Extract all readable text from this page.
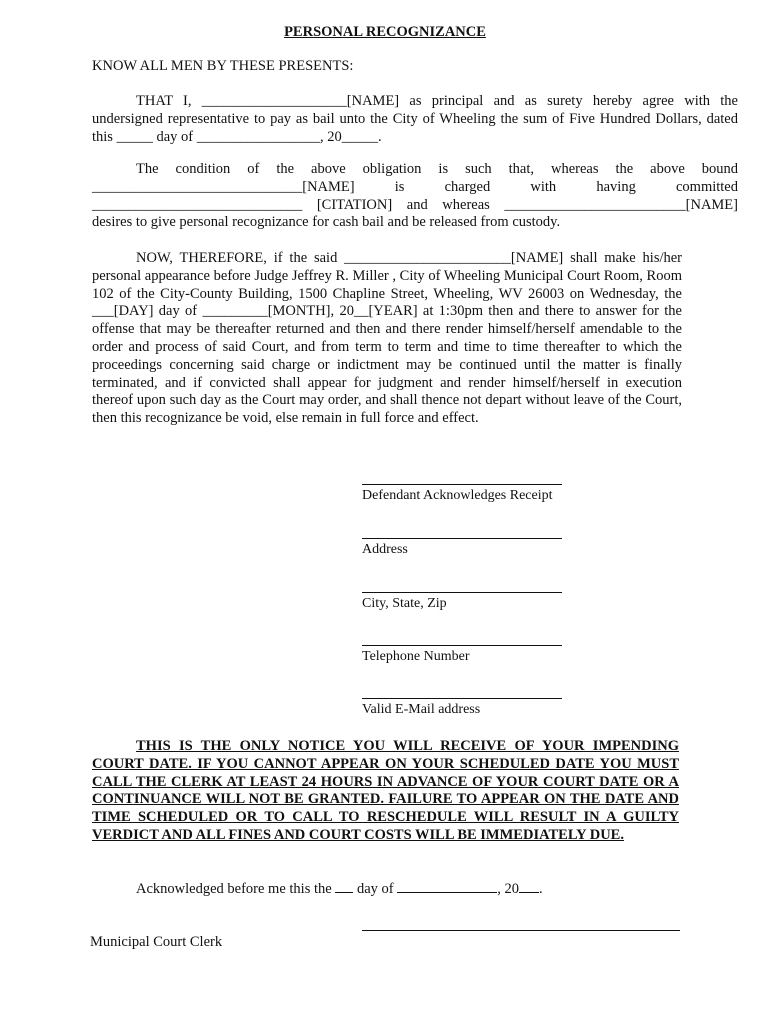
PERSONAL RECOGNIZANCE
KNOW ALL MEN BY THESE PRESENTS:

THAT I, ____________________[NAME] as principal and as surety hereby agree with the undersigned representative to pay as bail unto the City of Wheeling the sum of Five Hundred Dollars, dated this _____ day of _________________, 20_____.

The condition of the above obligation is such that, whereas the above bound _____________________________[NAME] is charged with having committed _____________________________ [CITATION] and whereas _________________________[NAME] desires to give personal recognizance for cash bail and be released from custody.

NOW, THEREFORE, if the said _______________________[NAME] shall make his/her personal appearance before Judge Jeffrey R. Miller , City of Wheeling Municipal Court Room, Room 102 of the City-County Building, 1500 Chapline Street, Wheeling, WV 26003 on Wednesday, the ___[DAY] day of _________[MONTH], 20__[YEAR] at 1:30pm then and there to answer for the offense that may be thereafter returned and then and there render himself/herself amendable to the order and process of said Court, and from term to term and time to time thereafter to which the proceedings concerning said charge or indictment may be continued until the matter is finally terminated, and if convicted shall appear for judgment and render himself/herself in execution thereof upon such day as the Court may order, and shall thence not depart without leave of the Court, then this recognizance be void, else remain in full force and effect.

Defendant Acknowledges Receipt
Address
City, State, Zip
Telephone Number
Valid E-Mail address

THIS IS THE ONLY NOTICE YOU WILL RECEIVE OF YOUR IMPENDING COURT DATE. IF YOU CANNOT APPEAR ON YOUR SCHEDULED DATE YOU MUST CALL THE CLERK AT LEAST 24 HOURS IN ADVANCE OF YOUR COURT DATE OR A CONTINUANCE WILL NOT BE GRANTED. FAILURE TO APPEAR ON THE DATE AND TIME SCHEDULED OR TO CALL TO RESCHEDULE WILL RESULT IN A GUILTY VERDICT AND ALL FINES AND COURT COSTS WILL BE IMMEDIATELY DUE.

Acknowledged before me this the day of	, 20 .
Municipal Court Clerk
